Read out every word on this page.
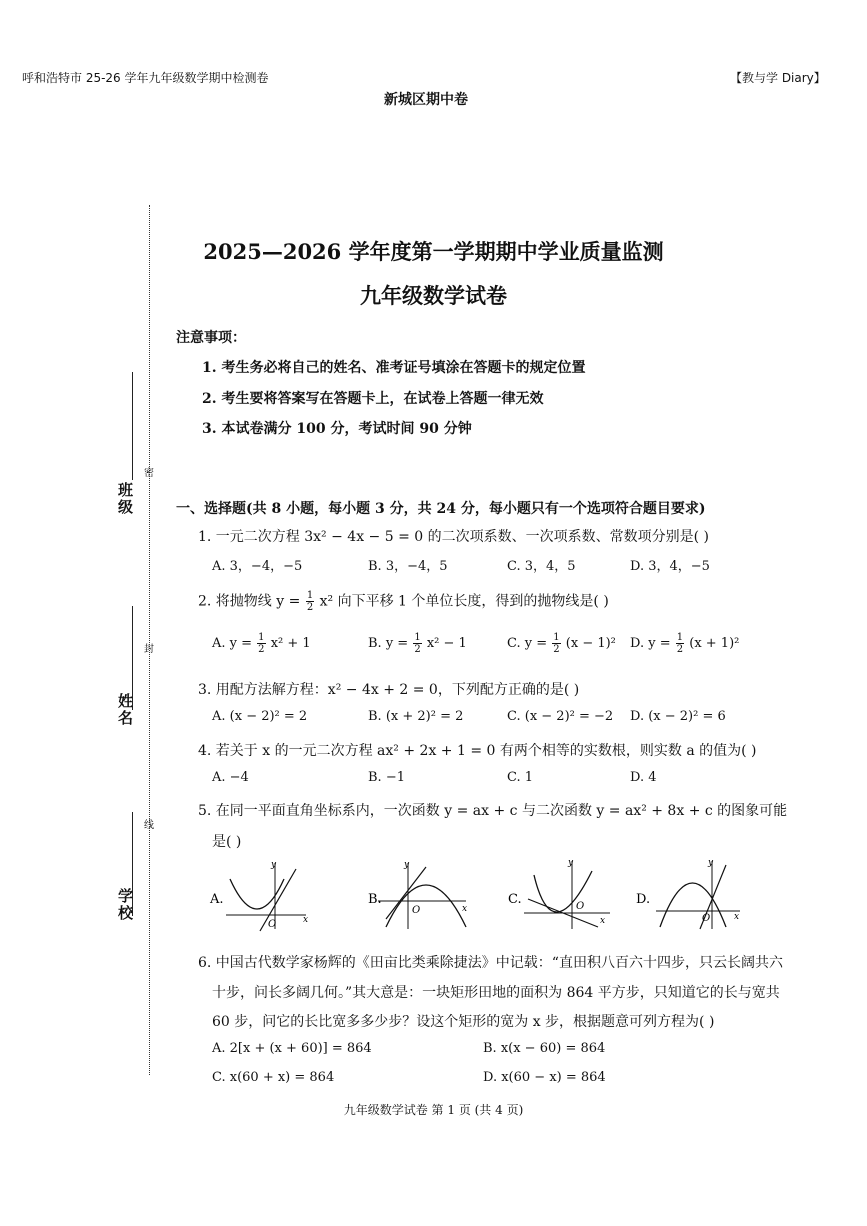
呼和浩特市 25-26 学年九年级数学期中检测卷	【教与学 Diary】
新城区期中卷
2025—2026 学年度第一学期期中学业质量监测
九年级数学试卷
注意事项：
1. 考生务必将自己的姓名、准考证号填涂在答题卡的规定位置
2. 考生要将答案写在答题卡上，在试卷上答题一律无效
3. 本试卷满分 100 分，考试时间 90 分钟
班级
姓名
学校
密
封
线
一、选择题(共 8 小题，每小题 3 分，共 24 分，每小题只有一个选项符合题目要求)
1. 一元二次方程 3x² − 4x − 5 = 0 的二次项系数、一次项系数、常数项分别是( )
A. 3，−4，−5	B. 3，−4，5	C. 3，4，5	D. 3，4，−5
2. 将抛物线 $y = \frac{1}{2} x^2$ 向下平移 1 个单位长度，得到的抛物线是( )
A. $y = \frac{1}{2} x^2 + 1$	B. $y = \frac{1}{2} x^2 - 1$	C. $y = \frac{1}{2} (x - 1)^2$ D. $y = \frac{1}{2} (x + 1)^2$
3. 用配方法解方程：x² − 4x + 2 = 0，下列配方正确的是( )
A. (x − 2)² = 2	B. (x + 2)² = 2	C. (x − 2)² = −2 D. (x − 2)² = 6
4. 若关于 x 的一元二次方程 ax² + 2x + 1 = 0 有两个相等的实数根，则实数 a 的值为( )
A. −4	B. −1	C. 1	D. 4
5. 在同一平面直角坐标系内，一次函数 y = ax + c 与二次函数 y = ax² + 8x + c 的图象可能
是( )
A.
O	x
y
B.
O	x
y
C.	O
x
y
D.
O	x
y
6. 中国古代数学家杨辉的《田亩比类乘除捷法》中记载：“直田积八百六十四步，只云长阔共六
十步，问长多阔几何。”其大意是：一块矩形田地的面积为 864 平方步，只知道它的长与宽共
60 步，问它的长比宽多多少步？设这个矩形的宽为 x 步，根据题意可列方程为( )
A. 2[x + (x + 60)] = 864	B. x(x − 60) = 864
C. x(60 + x) = 864	D. x(60 − x) = 864
九年级数学试卷 第 1 页 (共 4 页)
